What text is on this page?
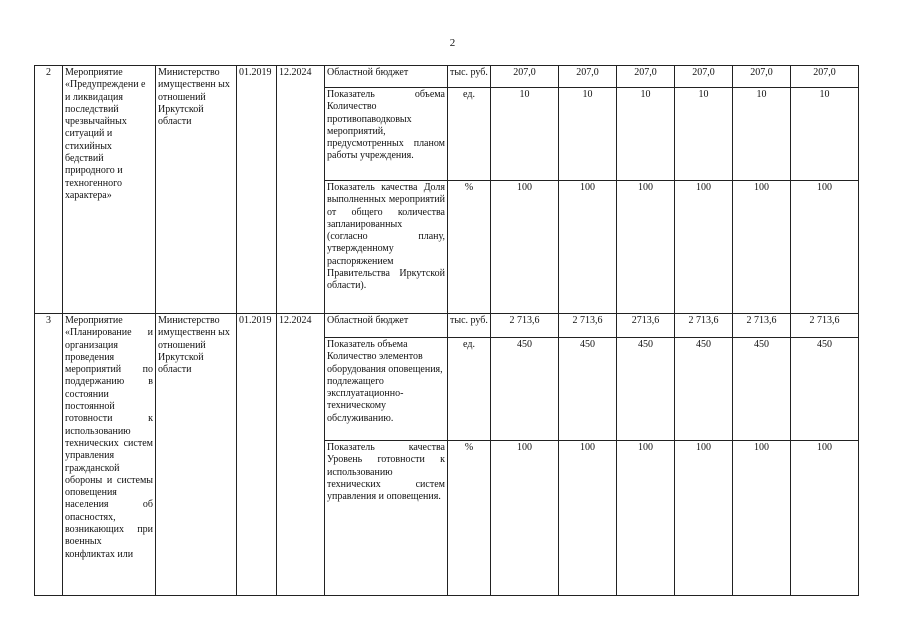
2
2	Мероприятие «Предупреждени е и ликвидация последствий чрезвычайных ситуаций и стихийных бедствий природного и техногенного характера»	Министерство имущественн ых отношений Иркутской области	01.2019	12.2024	Областной бюджет	тыс. руб.	207,0	207,0	207,0	207,0	207,0	207,0
					Показатель объема Количество противопаводковых мероприятий, предусмотренных планом работы учреждения.	ед.	10	10	10	10	10	10
					Показатель качества Доля выполненных мероприятий от общего количества запланированных (согласно плану, утвержденному распоряжением Правительства Иркутской области).	%	100	100	100	100	100	100
3	Мероприятие «Планирование и организация проведения мероприятий по поддержанию в состоянии постоянной готовности к использованию технических систем управления гражданской обороны и системы оповещения населения об опасностях, возникающих при военных конфликтах или	Министерство имущественн ых отношений Иркутской области	01.2019	12.2024	Областной бюджет	тыс. руб.	2 713,6	2 713,6	2713,6	2 713,6	2 713,6	2 713,6
					Показатель объема Количество элементов оборудования оповещения, подлежащего эксплуатационно-техническому обслуживанию.	ед.	450	450	450	450	450	450
					Показатель качества Уровень готовности к использованию технических систем управления и оповещения.	%	100	100	100	100	100	100
